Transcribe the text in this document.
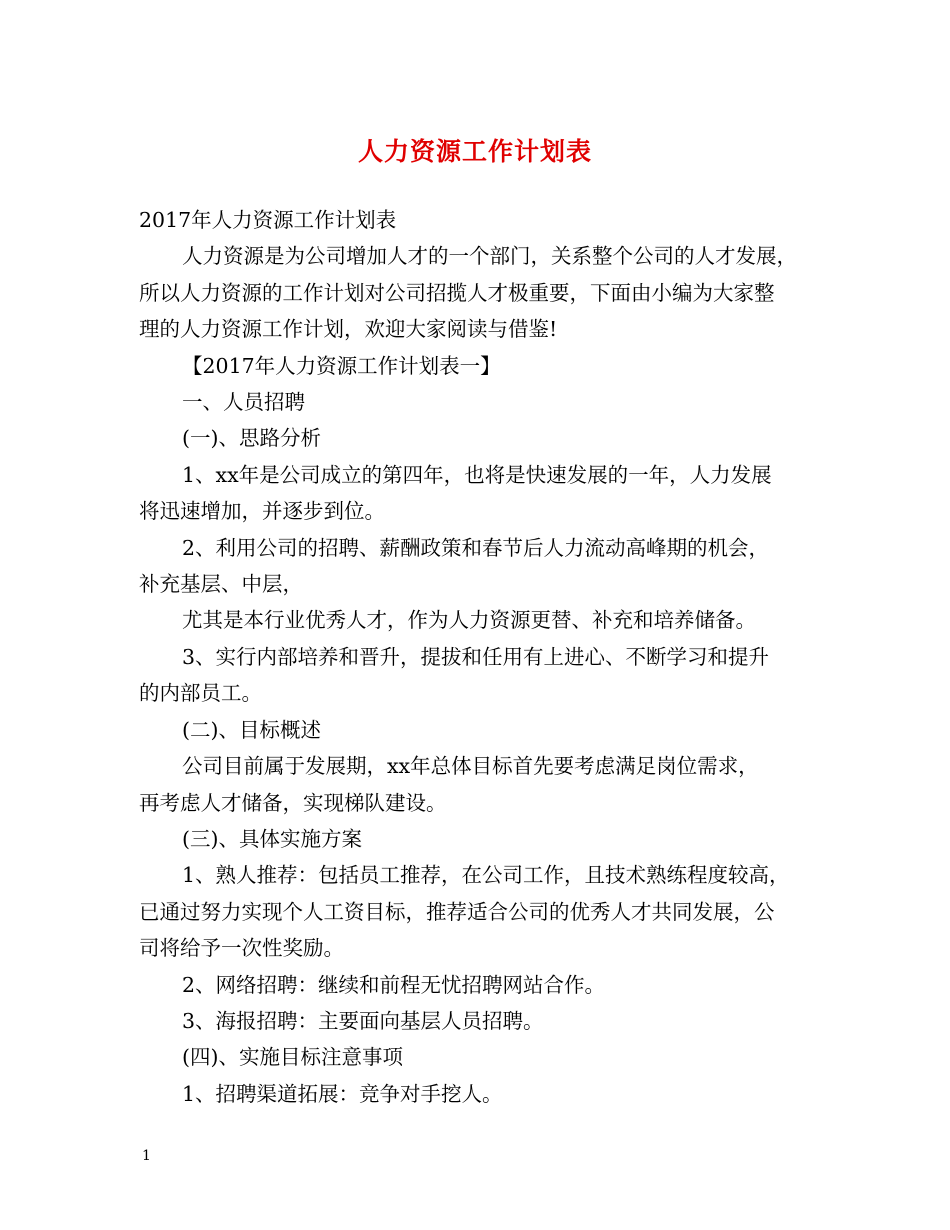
人力资源工作计划表

2017年人力资源工作计划表

人力资源是为公司增加人才的一个部门，关系整个公司的人才发展，

所以人力资源的工作计划对公司招揽人才极重要，下面由小编为大家整

理的人力资源工作计划，欢迎大家阅读与借鉴!

【2017年人力资源工作计划表一】

一、人员招聘

(一)、思路分析

1、xx年是公司成立的第四年，也将是快速发展的一年，人力发展

将迅速增加，并逐步到位。

2、利用公司的招聘、薪酬政策和春节后人力流动高峰期的机会，

补充基层、中层，

尤其是本行业优秀人才，作为人力资源更替、补充和培养储备。

3、实行内部培养和晋升，提拔和任用有上进心、不断学习和提升

的内部员工。

(二)、目标概述

公司目前属于发展期，xx年总体目标首先要考虑满足岗位需求，

再考虑人才储备，实现梯队建设。

(三)、具体实施方案

1、熟人推荐：包括员工推荐，在公司工作，且技术熟练程度较高，

已通过努力实现个人工资目标，推荐适合公司的优秀人才共同发展，公

司将给予一次性奖励。

2、网络招聘：继续和前程无忧招聘网站合作。

3、海报招聘：主要面向基层人员招聘。

(四)、实施目标注意事项

1、招聘渠道拓展：竞争对手挖人。

1
